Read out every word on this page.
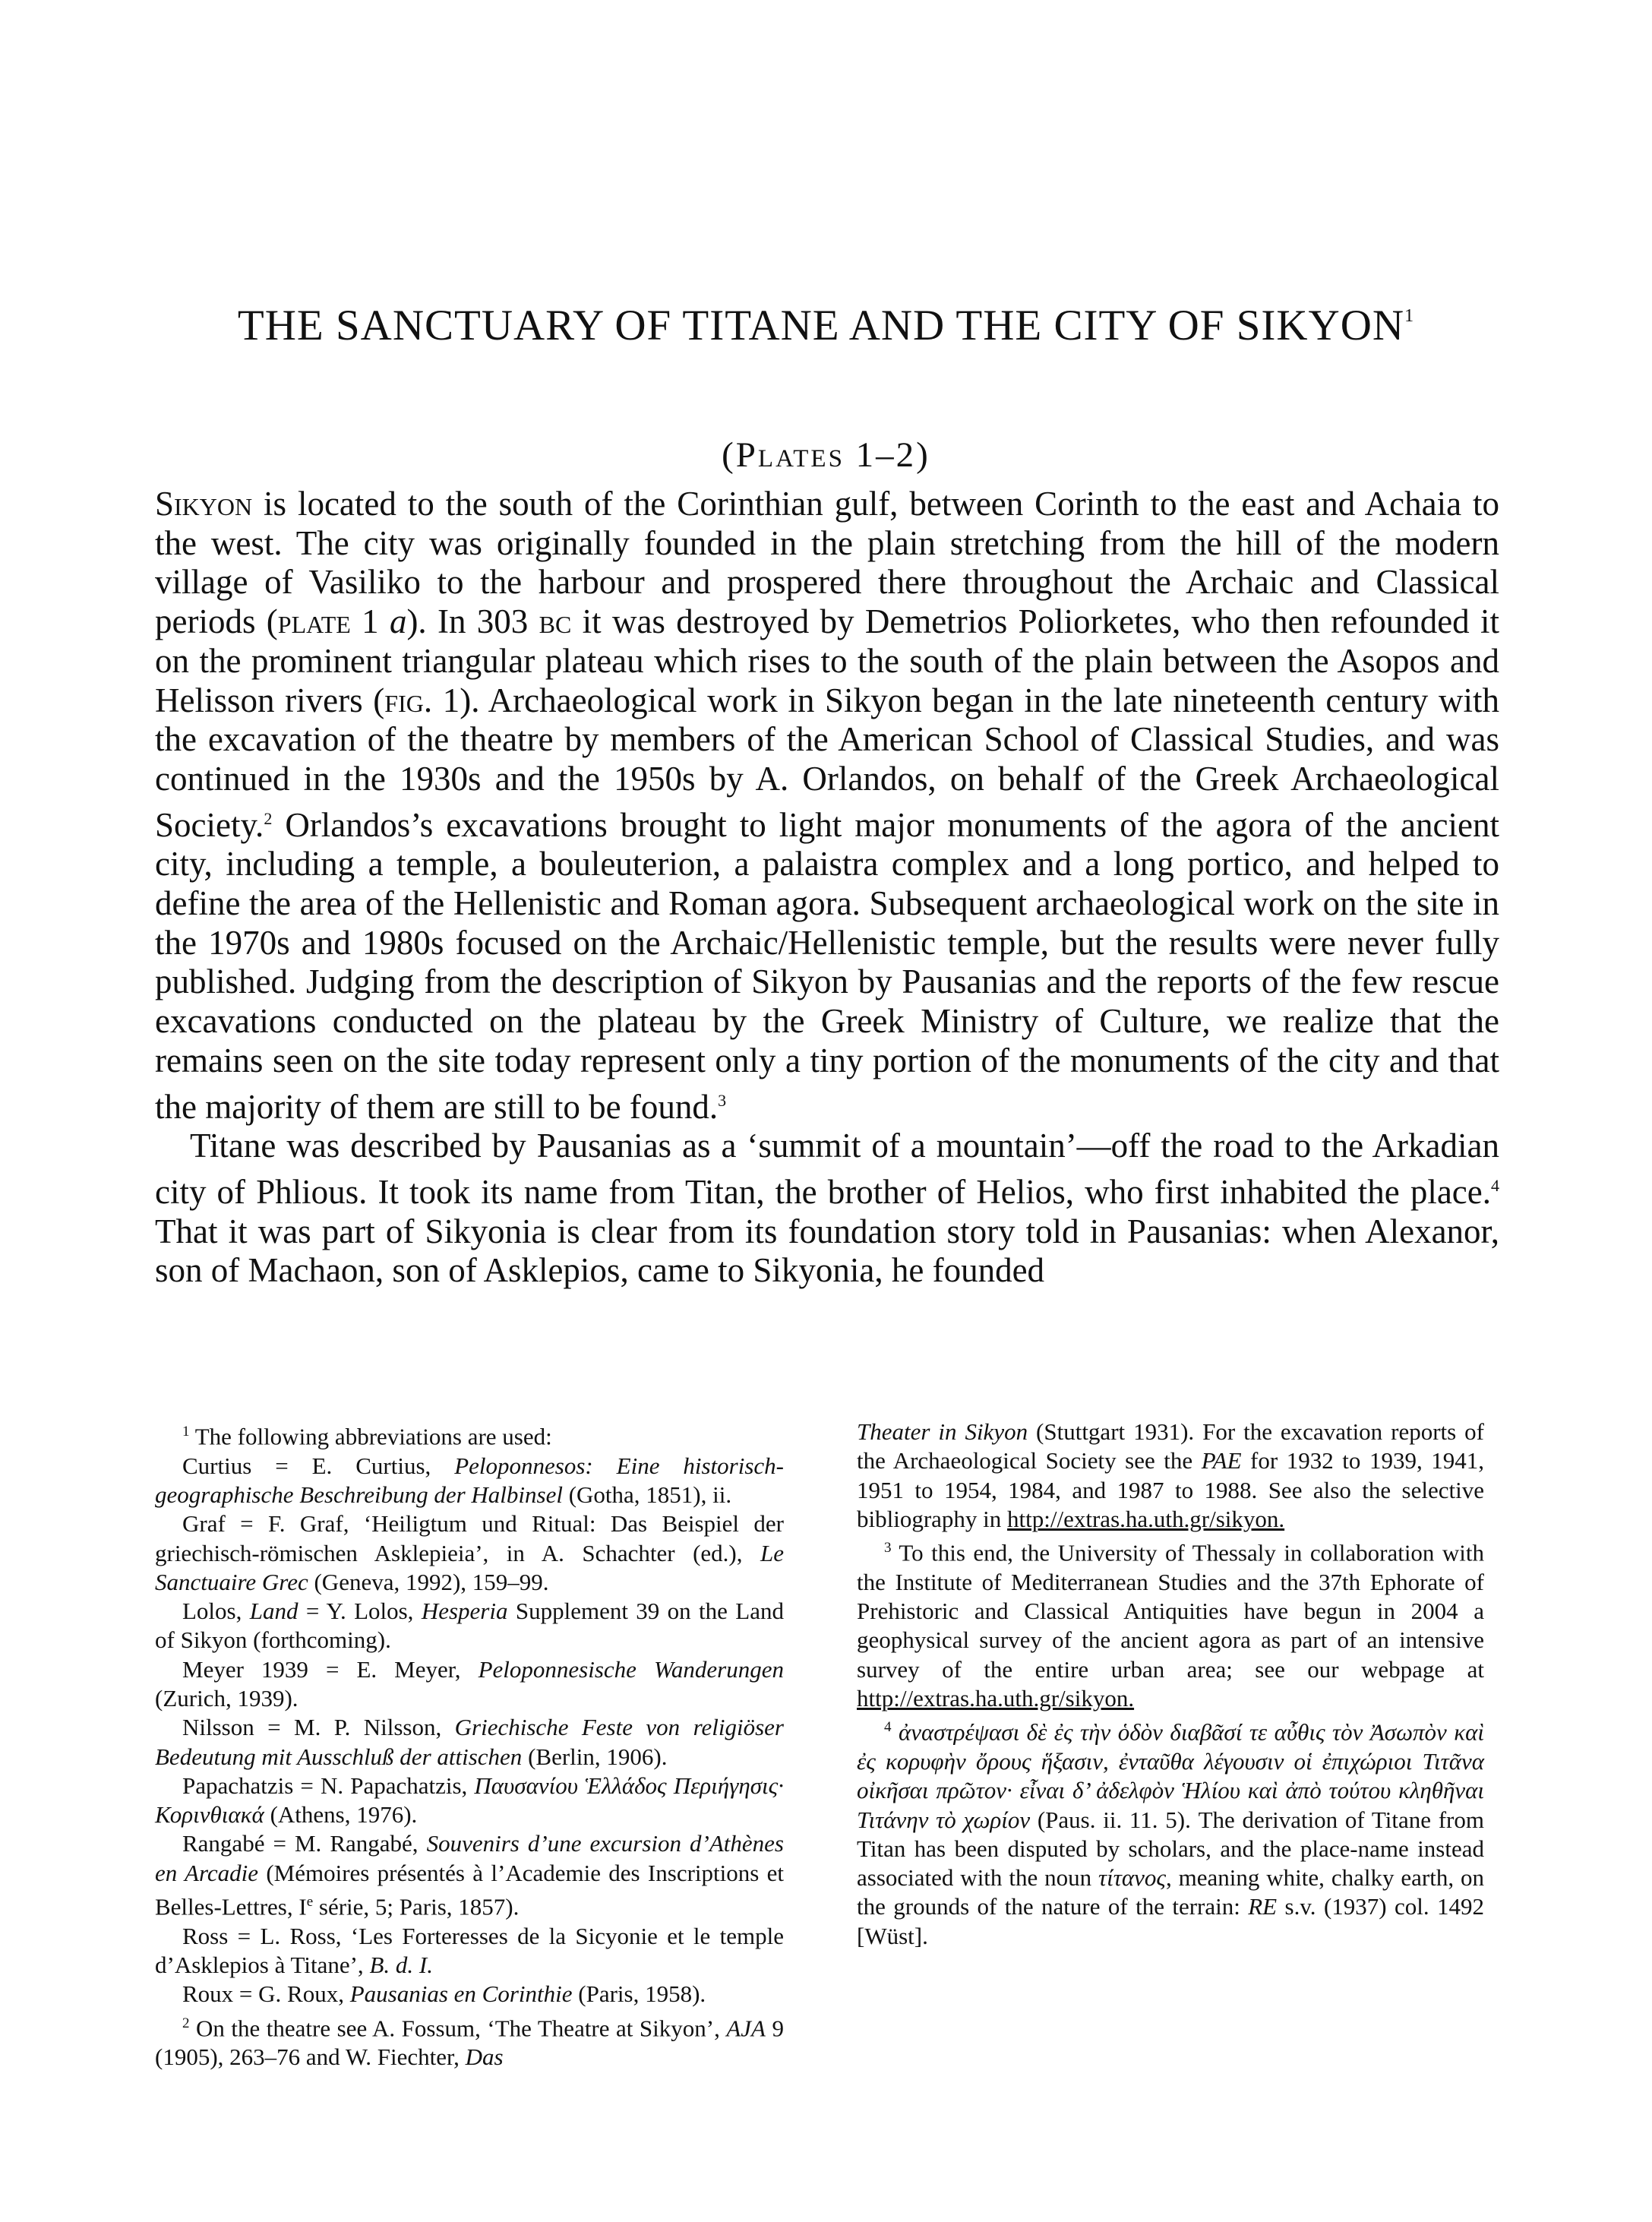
THE SANCTUARY OF TITANE AND THE CITY OF SIKYON$^1$
(Plates 1–2)

Sikyon is located to the south of the Corinthian gulf, between Corinth to the east and Achaia to the west. The city was originally founded in the plain stretching from the hill of the modern village of Vasiliko to the harbour and prospered there throughout the Archaic and Classical periods (plate 1 a). In 303 bc it was destroyed by Demetrios Poliorketes, who then refounded it on the prominent triangular plateau which rises to the south of the plain between the Asopos and Helisson rivers (fig. 1). Archaeological work in Sikyon began in the late nineteenth century with the excavation of the theatre by members of the American School of Classical Studies, and was continued in the 1930s and the 1950s by A. Orlandos, on behalf of the Greek Archaeological Society.$^2$ Orlandos’s excavations brought to light major monuments of the agora of the ancient city, including a temple, a bouleuterion, a palaistra complex and a long portico, and helped to define the area of the Hellenistic and Roman agora. Subsequent archaeological work on the site in the 1970s and 1980s focused on the Archaic/Hellenistic temple, but the results were never fully published. Judging from the description of Sikyon by Pausanias and the reports of the few rescue excavations conducted on the plateau by the Greek Ministry of Culture, we realize that the remains seen on the site today represent only a tiny portion of the monuments of the city and that the majority of them are still to be found.$^3$

Titane was described by Pausanias as a ‘summit of a mountain’—off the road to the Arkadian city of Phlious. It took its name from Titan, the brother of Helios, who first inhabited the place.$^4$ That it was part of Sikyonia is clear from its foundation story told in Pausanias: when Alexanor, son of Machaon, son of Asklepios, came to Sikyonia, he founded

$^1$ The following abbreviations are used:

Curtius = E. Curtius, Peloponnesos: Eine historisch-geographische Beschreibung der Halbinsel (Gotha, 1851), ii.

Graf = F. Graf, ‘Heiligtum und Ritual: Das Beispiel der griechisch-römischen Asklepieia’, in A. Schachter (ed.), Le Sanctuaire Grec (Geneva, 1992), 159–99.

Lolos, Land = Y. Lolos, Hesperia Supplement 39 on the Land of Sikyon (forthcoming).

Meyer 1939 = E. Meyer, Peloponnesische Wanderungen (Zurich, 1939).

Nilsson = M. P. Nilsson, Griechische Feste von religiöser Bedeutung mit Ausschluß der attischen (Berlin, 1906).

Papachatzis = N. Papachatzis, Παυσανίου Ἑλλάδος Περιήγησις· Κορινθιακά (Athens, 1976).

Rangabé = M. Rangabé, Souvenirs d’une excursion d’Athènes en Arcadie (Mémoires présentés à l’Academie des Inscriptions et Belles-Lettres, Ie série, 5; Paris, 1857).

Ross = L. Ross, ‘Les Forteresses de la Sicyonie et le temple d’Asklepios à Titane’, B. d. I.

Roux = G. Roux, Pausanias en Corinthie (Paris, 1958).

$^2$ On the theatre see A. Fossum, ‘The Theatre at Sikyon’, AJA 9 (1905), 263–76 and W. Fiechter, Das

Theater in Sikyon (Stuttgart 1931). For the excavation reports of the Archaeological Society see the PAE for 1932 to 1939, 1941, 1951 to 1954, 1984, and 1987 to 1988. See also the selective bibliography in http://extras.ha.uth.gr/sikyon.

$^3$ To this end, the University of Thessaly in collaboration with the Institute of Mediterranean Studies and the 37th Ephorate of Prehistoric and Classical Antiquities have begun in 2004 a geophysical survey of the ancient agora as part of an intensive survey of the entire urban area; see our webpage at http://extras.ha.uth.gr/sikyon.

$^4$ ἀναστρέψασι δὲ ἐς τὴν ὁδὸν διαβᾶσί τε αὖθις τὸν Ἀσωπὸν καὶ ἐς κορυφὴν ὄρους ἥξασιν, ἐνταῦθα λέγουσιν οἱ ἐπιχώριοι Τιτᾶνα οἰκῆσαι πρῶτον· εἶναι δ’ ἀδελφὸν Ἡλίου καὶ ἀπὸ τούτου κληθῆναι Τιτάνην τὸ χωρίον (Paus. ii. 11. 5). The derivation of Titane from Titan has been disputed by scholars, and the place-name instead associated with the noun τίτανος, meaning white, chalky earth, on the grounds of the nature of the terrain: RE s.v. (1937) col. 1492 [Wüst].
